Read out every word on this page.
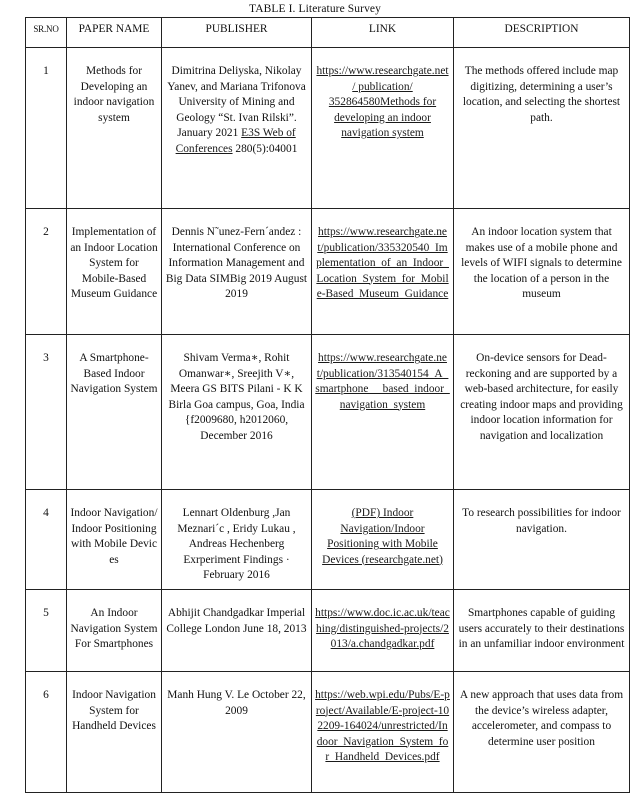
TABLE I. Literature Survey
SR.NO	PAPER NAME	PUBLISHER	LINK	DESCRIPTION

1	Methods for Developing an indoor navigation system	Dimitrina Deliyska, Nikolay Yanev, and Mariana Trifonova University of Mining and Geology “St. Ivan Rilski”. January 2021 E3S Web of Conferences 280(5):04001	https://www.researchgate.net/ publication/ 352864580Methods for developing an indoor navigation system	The methods offered include map digitizing, determining a user’s location, and selecting the shortest path.

2	Implementation of an Indoor Location System for Mobile-Based Museum Guidance	Dennis N˜unez-Fern´andez : International Conference on Information Management and Big Data SIMBig 2019 August 2019	https://www.researchgate.net/publication/335320540_Implementation_of_an_Indoor_Location_System_for_Mobile-Based_Museum_Guidance	An indoor location system that makes use of a mobile phone and levels of WIFI signals to determine the location of a person in the museum

3	A Smartphone-Based Indoor Navigation System	Shivam Verma∗, Rohit Omanwar∗, Sreejith V∗, Meera GS BITS Pilani - K K Birla Goa campus, Goa, India {f2009680, h2012060, December 2016	https://www.researchgate.net/publication/313540154_A_smartphone__ based_indoor_navigation_system	On-device sensors for Dead-reckoning and are supported by a web-based architecture, for easily creating indoor maps and providing indoor location information for navigation and localization

4	Indoor Navigation/Indoor Positioning with Mobile Devices	Lennart Oldenburg ,Jan Meznari´c , Eridy Lukau , Andreas Hechenberg Exrperiment Findings · February 2016	(PDF) Indoor Navigation/Indoor Positioning with Mobile Devices (researchgate.net)	To research possibilities for indoor navigation.

5	An Indoor Navigation System For Smartphones	Abhijit Chandgadkar Imperial College London June 18, 2013	https://www.doc.ic.ac.uk/teaching/distinguished-projects/2013/a.chandgadkar.pdf	Smartphones capable of guiding users accurately to their destinations in an unfamiliar indoor environment

6	Indoor Navigation System for Handheld Devices	Manh Hung V. Le October 22, 2009	https://web.wpi.edu/Pubs/E-project/Available/E-project-102209-164024/unrestricted/Indoor_Navigation_System_for_Handheld_Devices.pdf	A new approach that uses data from the device’s wireless adapter, accelerometer, and compass to determine user position
